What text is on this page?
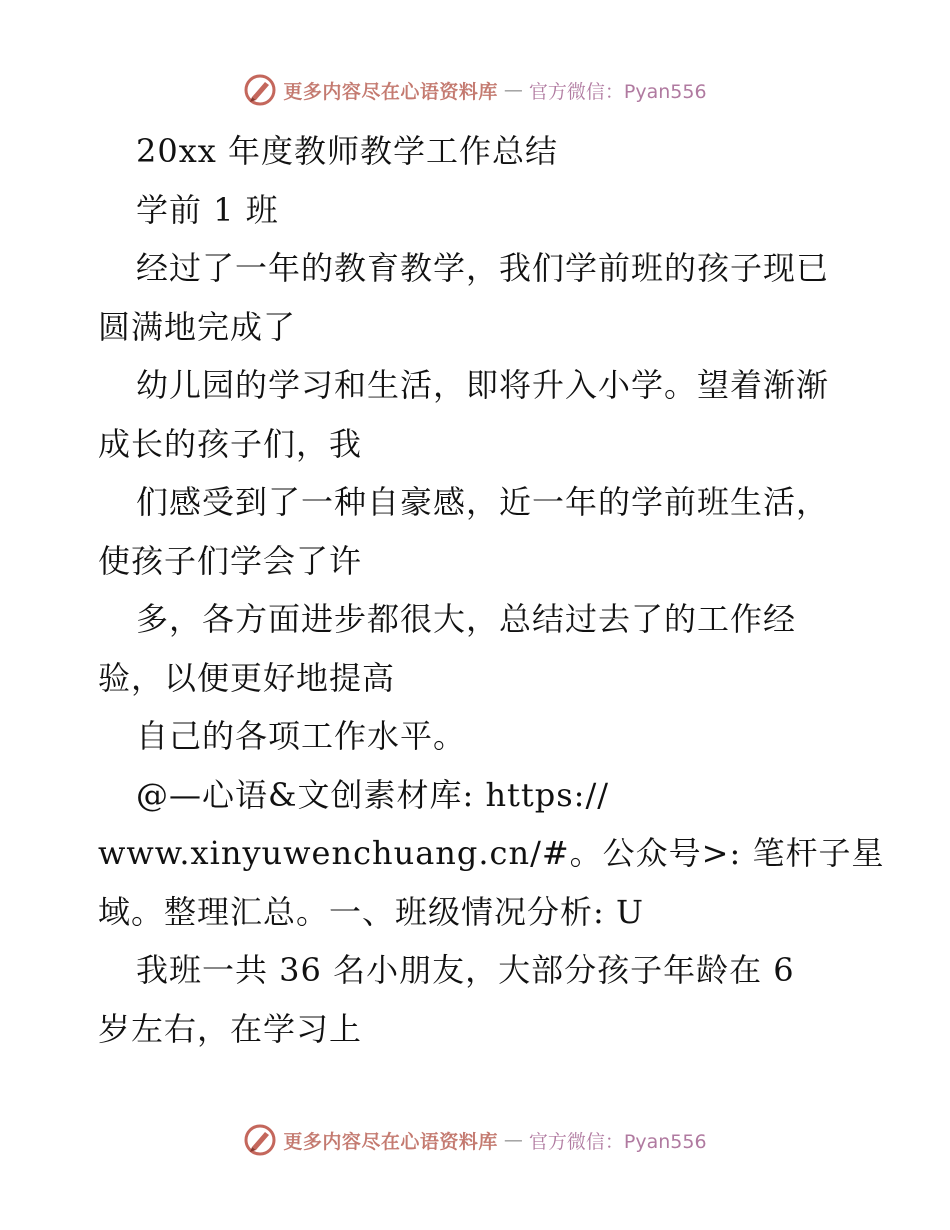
更多内容尽在心语资料库 — 官方微信：Pyan556
20xx 年度教师教学工作总结
学前 1 班
经过了一年的教育教学，我们学前班的孩子现已
圆满地完成了
幼儿园的学习和生活，即将升入小学。望着渐渐
成长的孩子们，我
们感受到了一种自豪感，近一年的学前班生活，
使孩子们学会了许
多，各方面进步都很大，总结过去了的工作经
验，以便更好地提高
自己的各项工作水平。
@—心语&文创素材库: https://
www.xinyuwenchuang.cn/#。公众号>: 笔杆子星
域。整理汇总。一、班级情况分析: U
我班一共 36 名小朋友，大部分孩子年龄在 6
岁左右，在学习上
更多内容尽在心语资料库 — 官方微信：Pyan556
